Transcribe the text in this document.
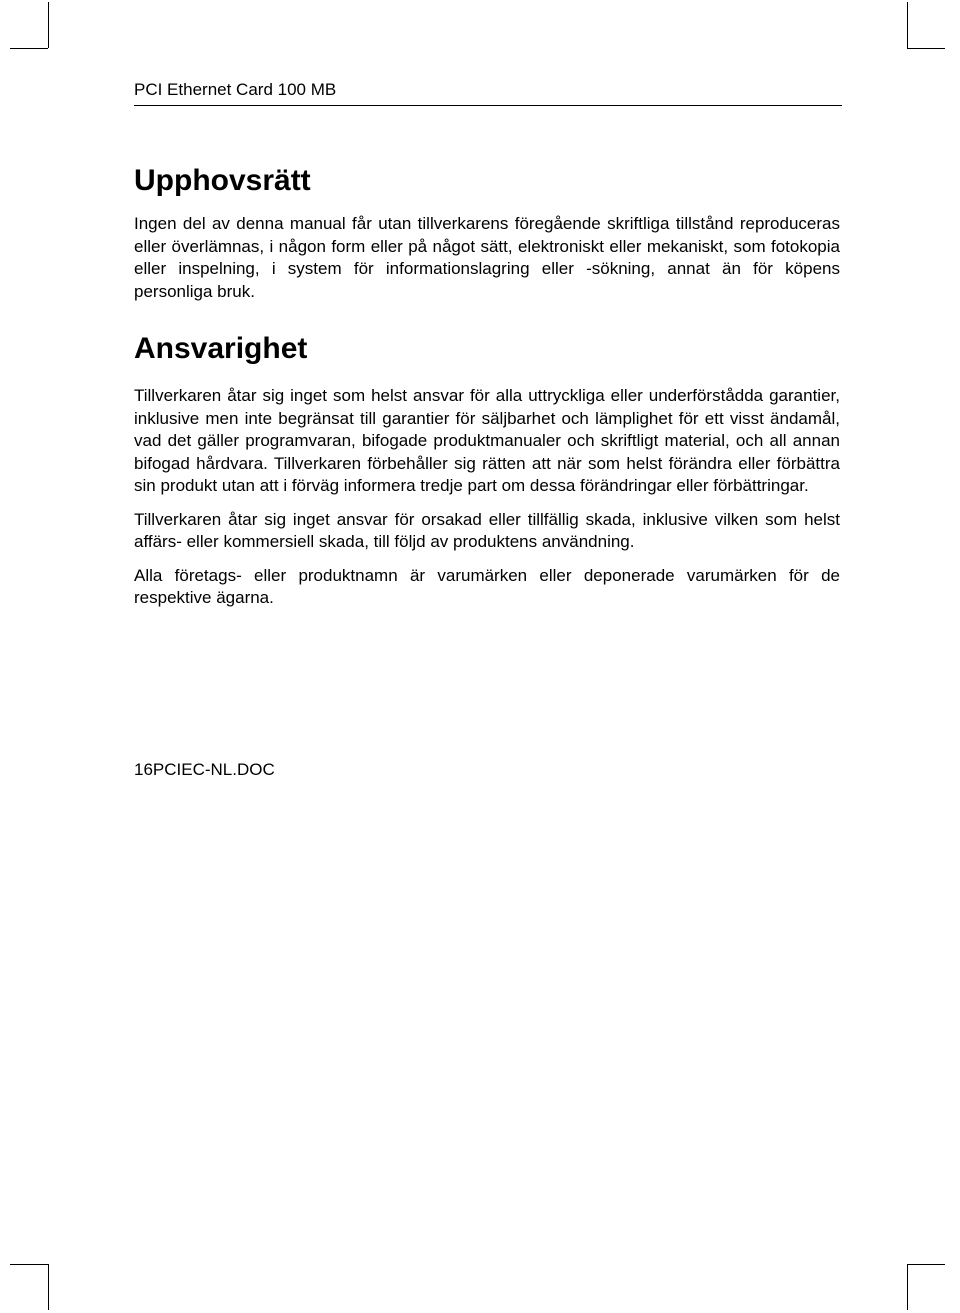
PCI Ethernet Card 100 MB
Upphovsrätt

Ingen del av denna manual får utan tillverkarens föregående skriftliga tillstånd reproduceras eller överlämnas, i någon form eller på något sätt, elektroniskt eller mekaniskt, som fotokopia eller inspelning, i system för informationslagring eller -sökning, annat än för köpens personliga bruk.

Ansvarighet

Tillverkaren åtar sig inget som helst ansvar för alla uttryckliga eller underförstådda garantier, inklusive men inte begränsat till garantier för säljbarhet och lämplighet för ett visst ändamål, vad det gäller programvaran, bifogade produktmanualer och skriftligt material, och all annan bifogad hårdvara. Tillverkaren förbehåller sig rätten att när som helst förändra eller förbättra sin produkt utan att i förväg informera tredje part om dessa förändringar eller förbättringar.

Tillverkaren åtar sig inget ansvar för orsakad eller tillfällig skada, inklusive vilken som helst affärs- eller kommersiell skada, till följd av produktens användning.

Alla företags- eller produktnamn är varumärken eller deponerade varumärken för de respektive ägarna.

16PCIEC-NL.DOC
